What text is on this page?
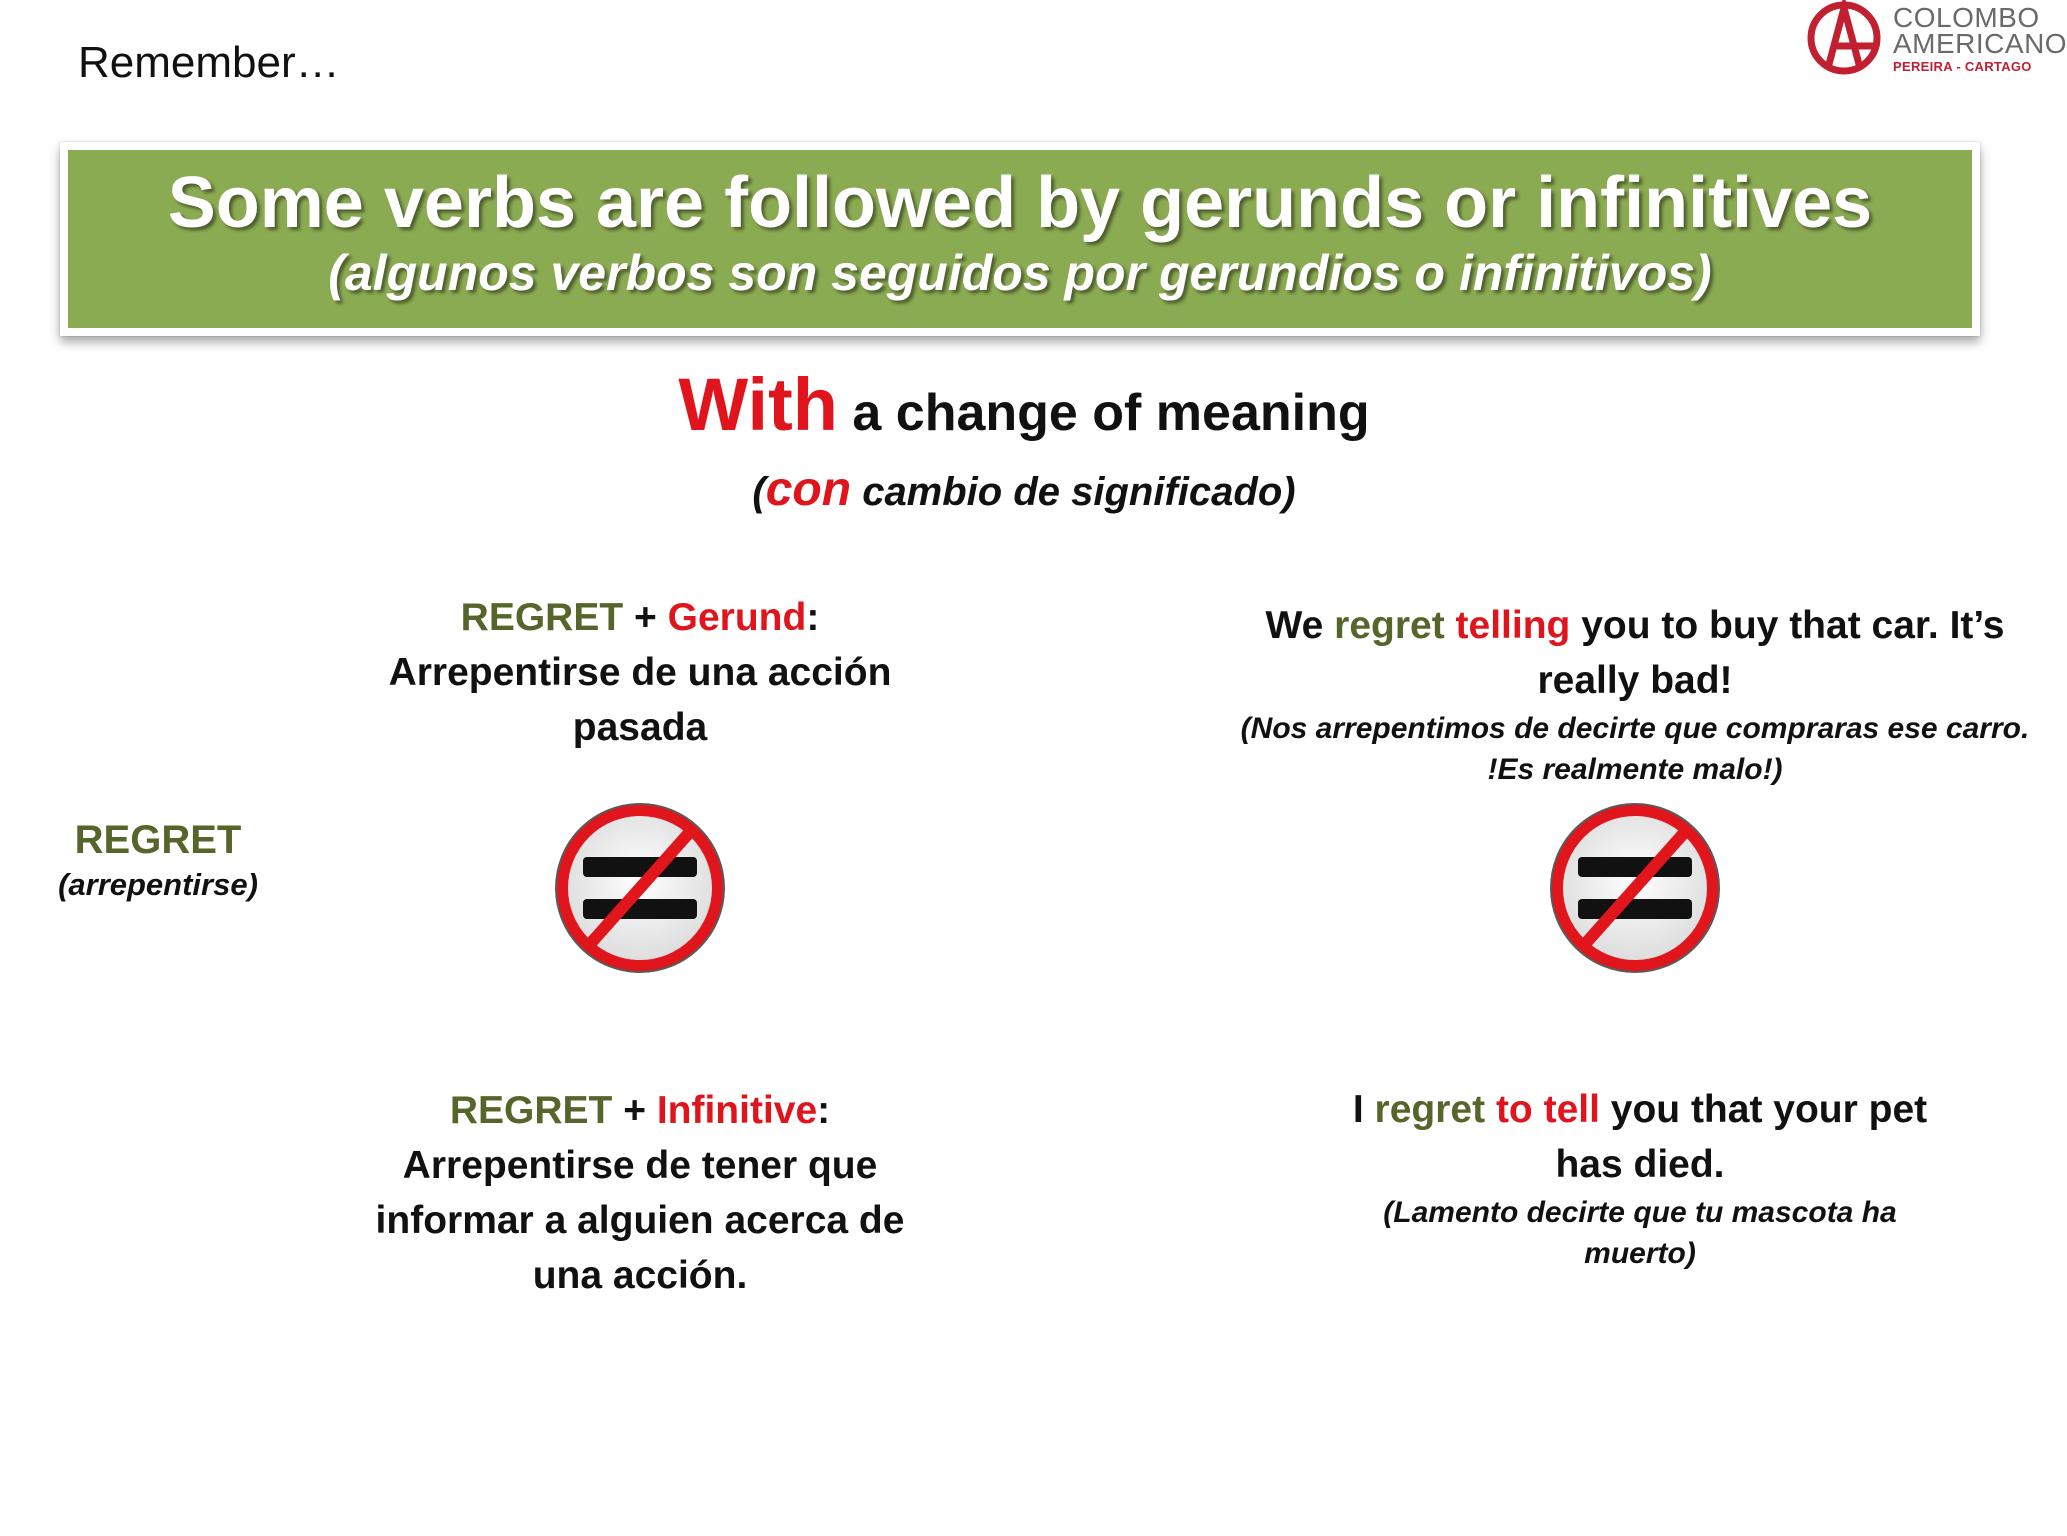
Remember…
COLOMBO
AMERICANO
PEREIRA - CARTAGO
Some verbs are followed by gerunds or infinitives
(algunos verbos son seguidos por gerundios o infinitivos)
With a change of meaning
(con cambio de significado)
REGRET
(arrepentirse)
REGRET + Gerund:
Arrepentirse de una acción
pasada
We regret telling you to buy that car. It’s
really bad!
(Nos arrepentimos de decirte que compraras ese carro.
!Es realmente malo!)
REGRET + Infinitive:
Arrepentirse de tener que
informar a alguien acerca de
una acción.
I regret to tell you that your pet
has died.
(Lamento decirte que tu mascota ha
muerto)
